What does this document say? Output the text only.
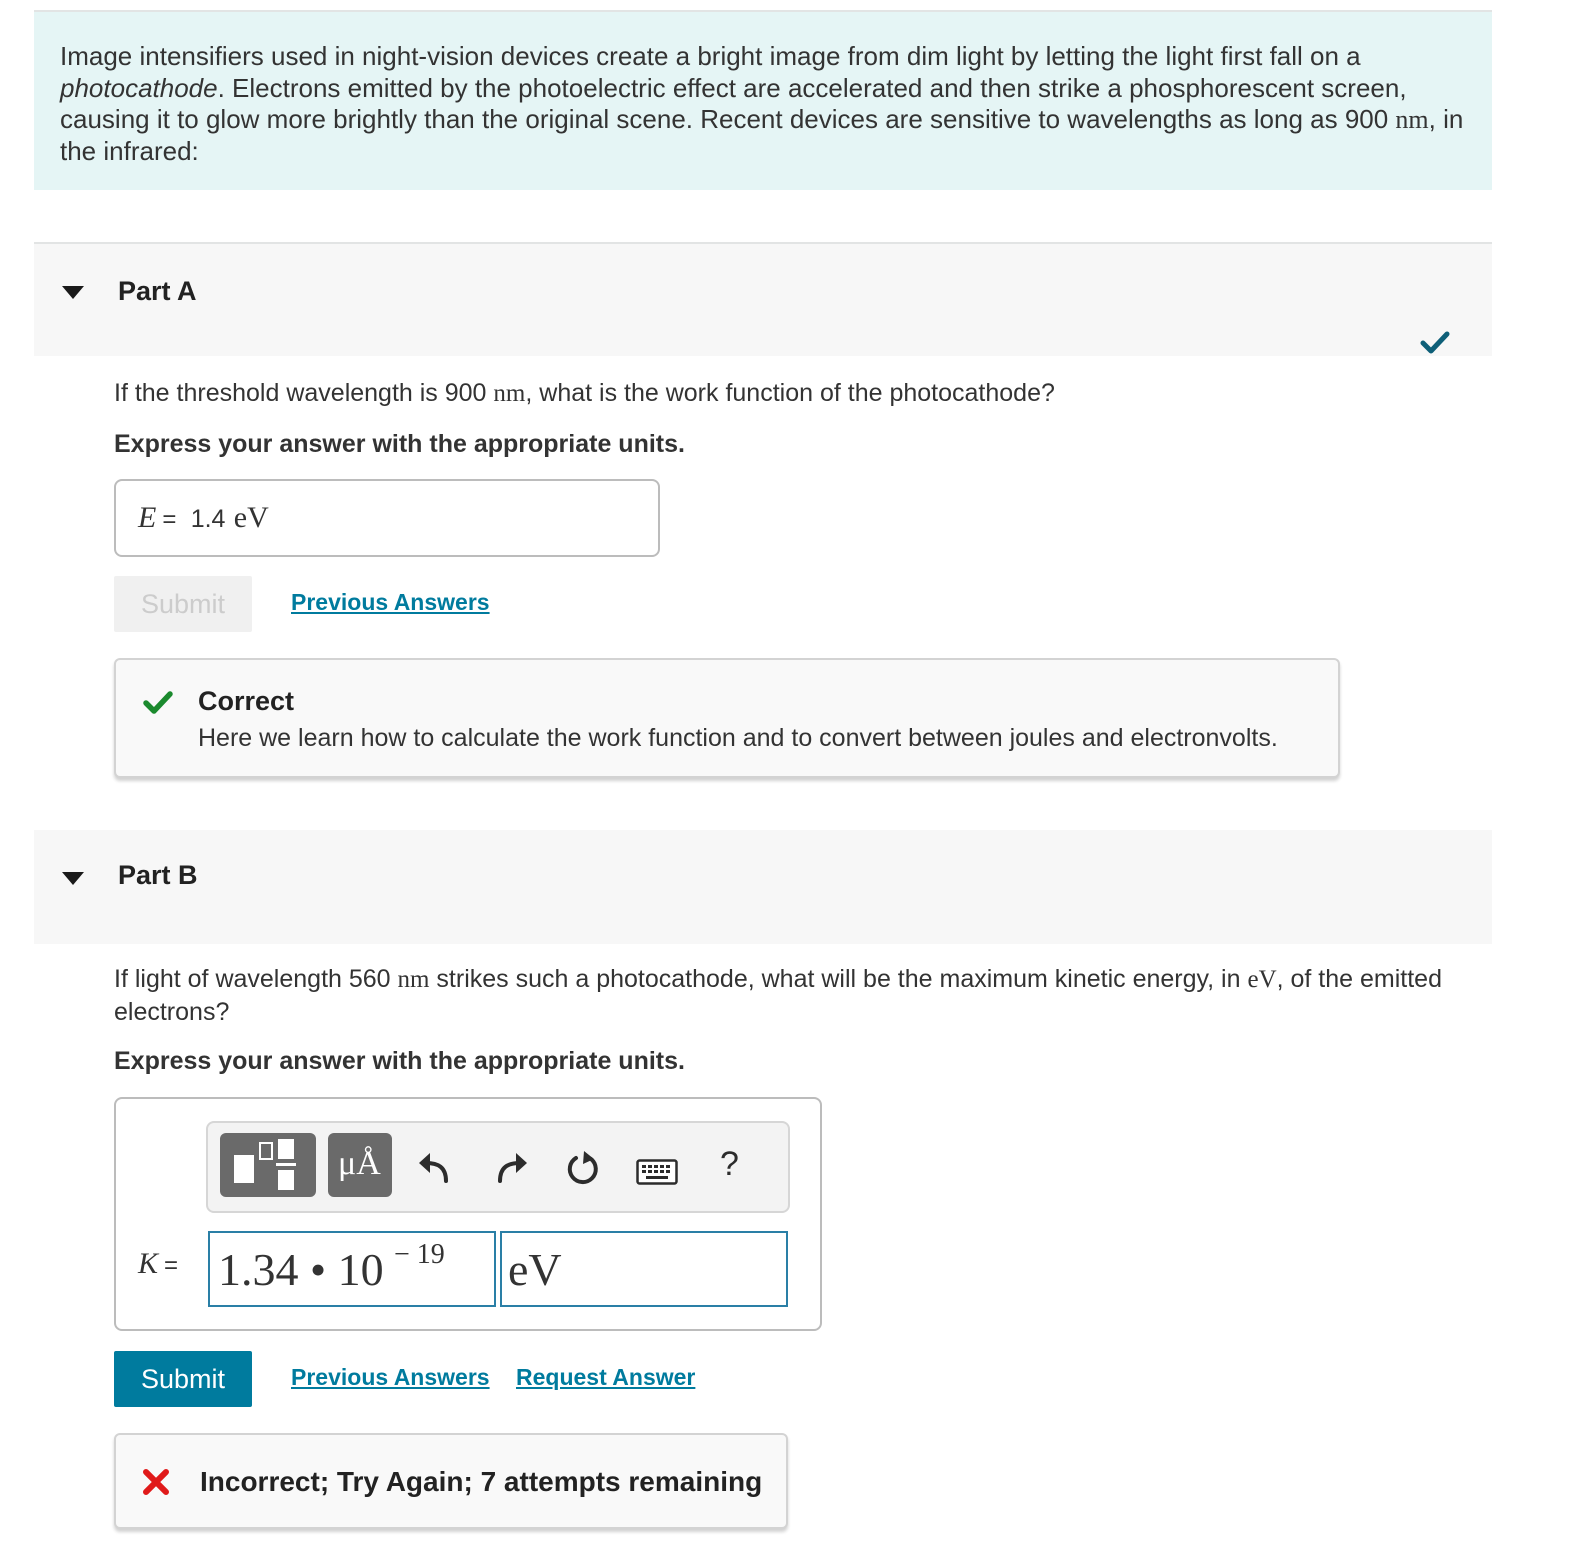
Image intensifiers used in night-vision devices create a bright image from dim light by letting the light first fall on a photocathode. Electrons emitted by the photoelectric effect are accelerated and then strike a phosphorescent screen, causing it to glow more brightly than the original scene. Recent devices are sensitive to wavelengths as long as 900 nm, in the infrared:

Part A

If the threshold wavelength is 900 nm, what is the work function of the photocathode?

Express your answer with the appropriate units.

E = 1.4 eV
Submit	Previous Answers
Correct
Here we learn how to calculate the work function and to convert between joules and electronvolts.
Part B

If light of wavelength 560 nm strikes such a photocathode, what will be the maximum kinetic energy, in eV, of the emitted electrons?

Express your answer with the appropriate units.

μÅ	?
K = 1.34 • 10 − 19 eV
Submit	Previous Answers Request Answer
Incorrect; Try Again; 7 attempts remaining
